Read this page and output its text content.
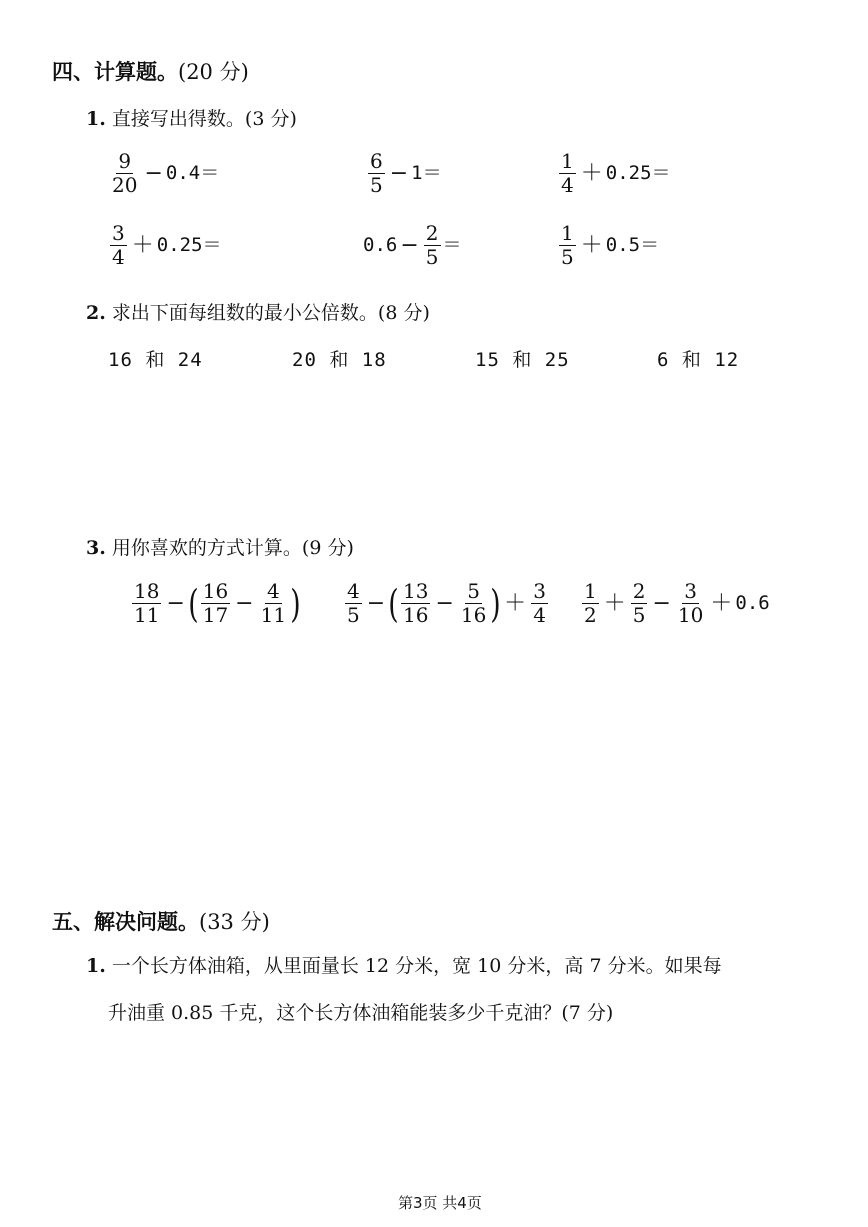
四、计算题。(20 分)
1. 直接写出得数。(3 分)
$\frac{9}{20} - 0.4=$	$\frac{6}{5} - 1=$	$\frac{1}{4} + 0.25=$
$\frac{3}{4} + 0.25=$	$0.6 - \frac{2}{5}$ ＝	$\frac{1}{5} + 0.5=$
2. 求出下面每组数的最小公倍数。(8 分)
16 和 24	20 和 18	15 和 25	6 和 12
3. 用你喜欢的方式计算。(9 分)
$\frac{18}{11}$ − ( $\frac{16}{17} - \frac{4}{11}$ ) $\frac{4}{5}$ − ( $\frac{13}{16} - \frac{5}{16}$ ) ＋ $\frac{3}{4} \frac{1}{2} + \frac{2}{5} - \frac{3}{10} + 0.6$
五、解决问题。(33 分)
1. 一个长方体油箱，从里面量长 12 分米，宽 10 分米，高 7 分米。如果每
升油重 0.85 千克，这个长方体油箱能装多少千克油？(7 分)
第3页 共4页
